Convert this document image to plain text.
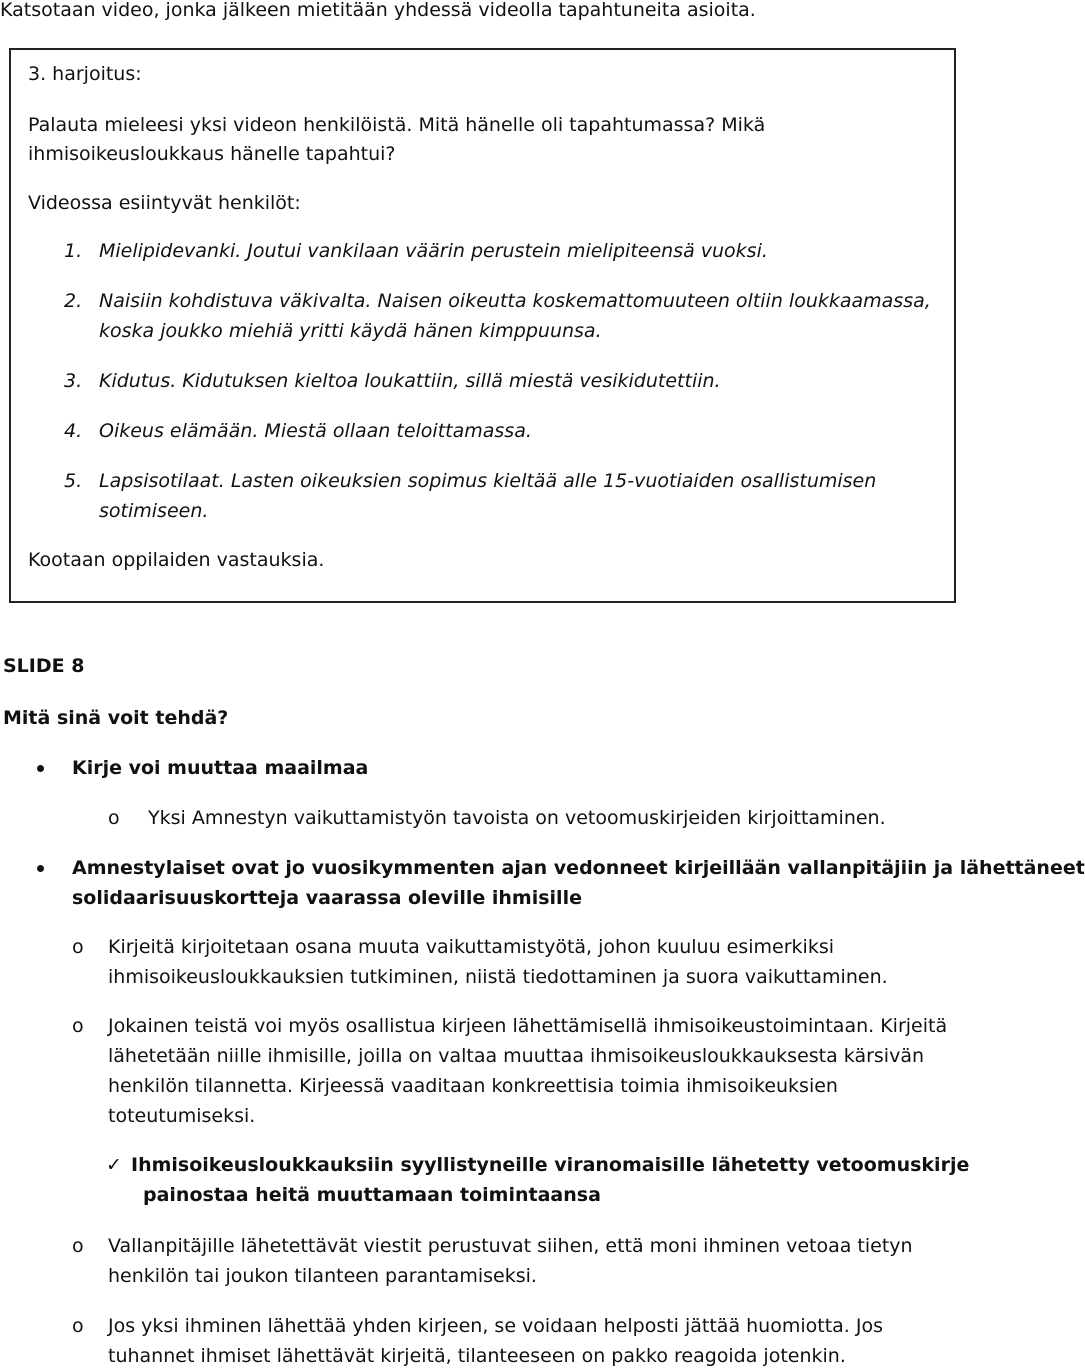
Katsotaan video, jonka jälkeen mietitään yhdessä videolla tapahtuneita asioita.
3. harjoitus:
Palauta mieleesi yksi videon henkilöistä. Mitä hänelle oli tapahtumassa? Mikä
ihmisoikeusloukkaus hänelle tapahtui?
Videossa esiintyvät henkilöt:
1. Mielipidevanki. Joutui vankilaan väärin perustein mielipiteensä vuoksi.
2. Naisiin kohdistuva väkivalta. Naisen oikeutta koskemattomuuteen oltiin loukkaamassa,
koska joukko miehiä yritti käydä hänen kimppuunsa.
3. Kidutus. Kidutuksen kieltoa loukattiin, sillä miestä vesikidutettiin.
4. Oikeus elämään. Miestä ollaan teloittamassa.
5. Lapsisotilaat. Lasten oikeuksien sopimus kieltää alle 15-vuotiaiden osallistumisen
sotimiseen.
Kootaan oppilaiden vastauksia.
SLIDE 8
Mitä sinä voit tehdä?
Kirje voi muuttaa maailmaa
o Yksi Amnestyn vaikuttamistyön tavoista on vetoomuskirjeiden kirjoittaminen.
Amnestylaiset ovat jo vuosikymmenten ajan vedonneet kirjeillään vallanpitäjiin ja lähettäneet
solidaarisuuskortteja vaarassa oleville ihmisille
o Kirjeitä kirjoitetaan osana muuta vaikuttamistyötä, johon kuuluu esimerkiksi
ihmisoikeusloukkauksien tutkiminen, niistä tiedottaminen ja suora vaikuttaminen.
o Jokainen teistä voi myös osallistua kirjeen lähettämisellä ihmisoikeustoimintaan. Kirjeitä
lähetetään niille ihmisille, joilla on valtaa muuttaa ihmisoikeusloukkauksesta kärsivän
henkilön tilannetta. Kirjeessä vaaditaan konkreettisia toimia ihmisoikeuksien
toteutumiseksi.
✓ Ihmisoikeusloukkauksiin syyllistyneille viranomaisille lähetetty vetoomuskirje
painostaa heitä muuttamaan toimintaansa
o Vallanpitäjille lähetettävät viestit perustuvat siihen, että moni ihminen vetoaa tietyn
henkilön tai joukon tilanteen parantamiseksi.
o Jos yksi ihminen lähettää yhden kirjeen, se voidaan helposti jättää huomiotta. Jos
tuhannet ihmiset lähettävät kirjeitä, tilanteeseen on pakko reagoida jotenkin.
